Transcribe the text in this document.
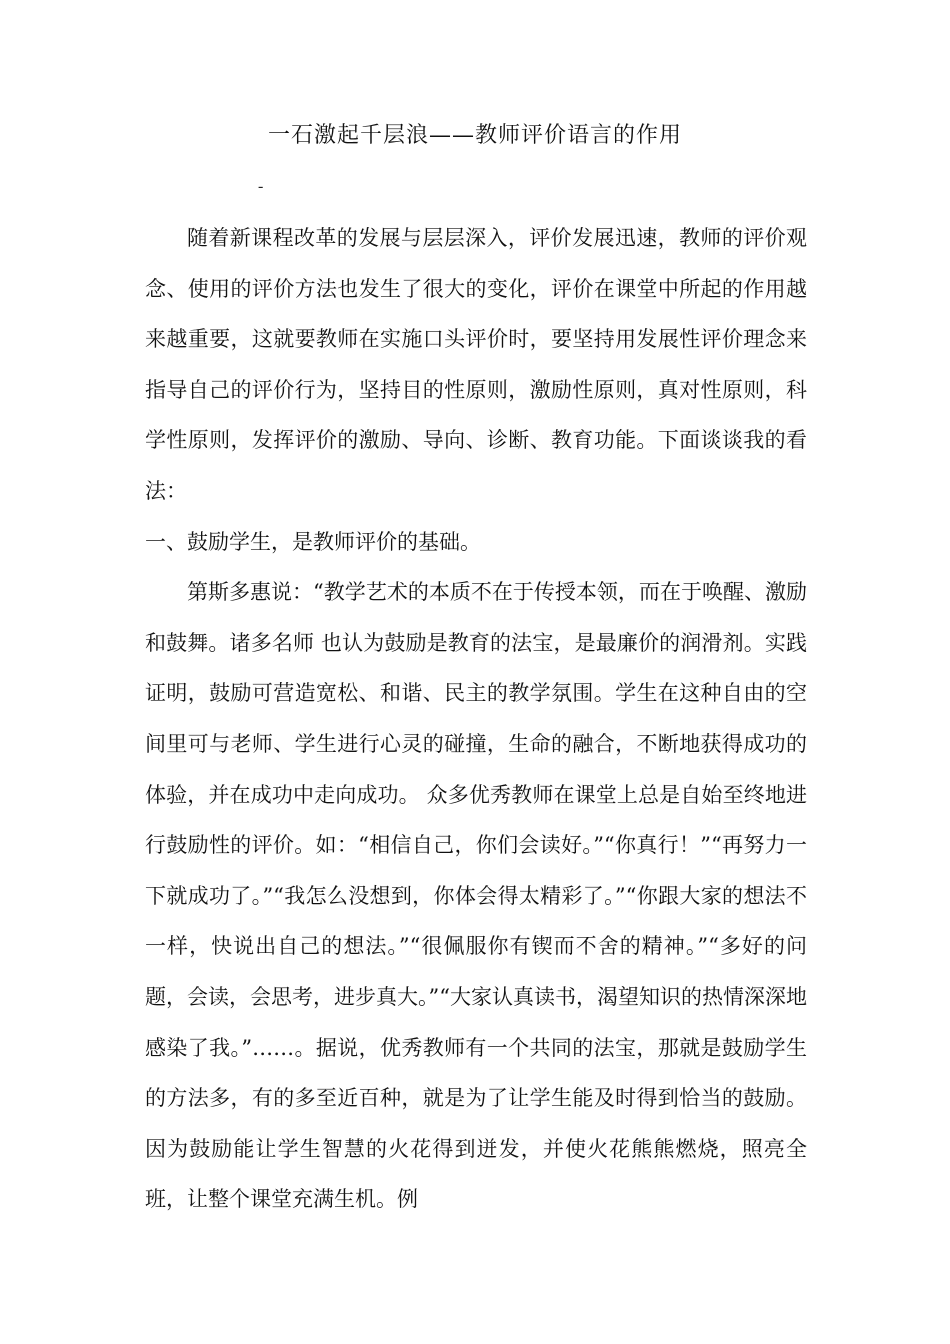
一石激起千层浪——教师评价语言的作用
-

随着新课程改革的发展与层层深入，评价发展迅速，教师的评价观念、使用的评价方法也发生了很大的变化，评价在课堂中所起的作用越来越重要，这就要教师在实施口头评价时，要坚持用发展性评价理念来指导自己的评价行为，坚持目的性原则，激励性原则，真对性原则，科学性原则，发挥评价的激励、导向、诊断、教育功能。下面谈谈我的看法：

一、鼓励学生，是教师评价的基础。

第斯多惠说：“教学艺术的本质不在于传授本领，而在于唤醒、激励和鼓舞。诸多名师 也认为鼓励是教育的法宝，是最廉价的润滑剂。实践证明，鼓励可营造宽松、和谐、民主的教学氛围。学生在这种自由的空间里可与老师、学生进行心灵的碰撞，生命的融合，不断地获得成功的体验，并在成功中走向成功。 众多优秀教师在课堂上总是自始至终地进行鼓励性的评价。如：“相信自己，你们会读好。”“你真行！”“再努力一下就成功了。”“我怎么没想到，你体会得太精彩了。”“你跟大家的想法不一样，快说出自己的想法。”“很佩服你有锲而不舍的精神。”“多好的问题，会读，会思考，进步真大。”“大家认真读书，渴望知识的热情深深地感染了我。”……。据说，优秀教师有一个共同的法宝，那就是鼓励学生的方法多，有的多至近百种，就是为了让学生能及时得到恰当的鼓励。因为鼓励能让学生智慧的火花得到迸发，并使火花熊熊燃烧，照亮全班，让整个课堂充满生机。例
